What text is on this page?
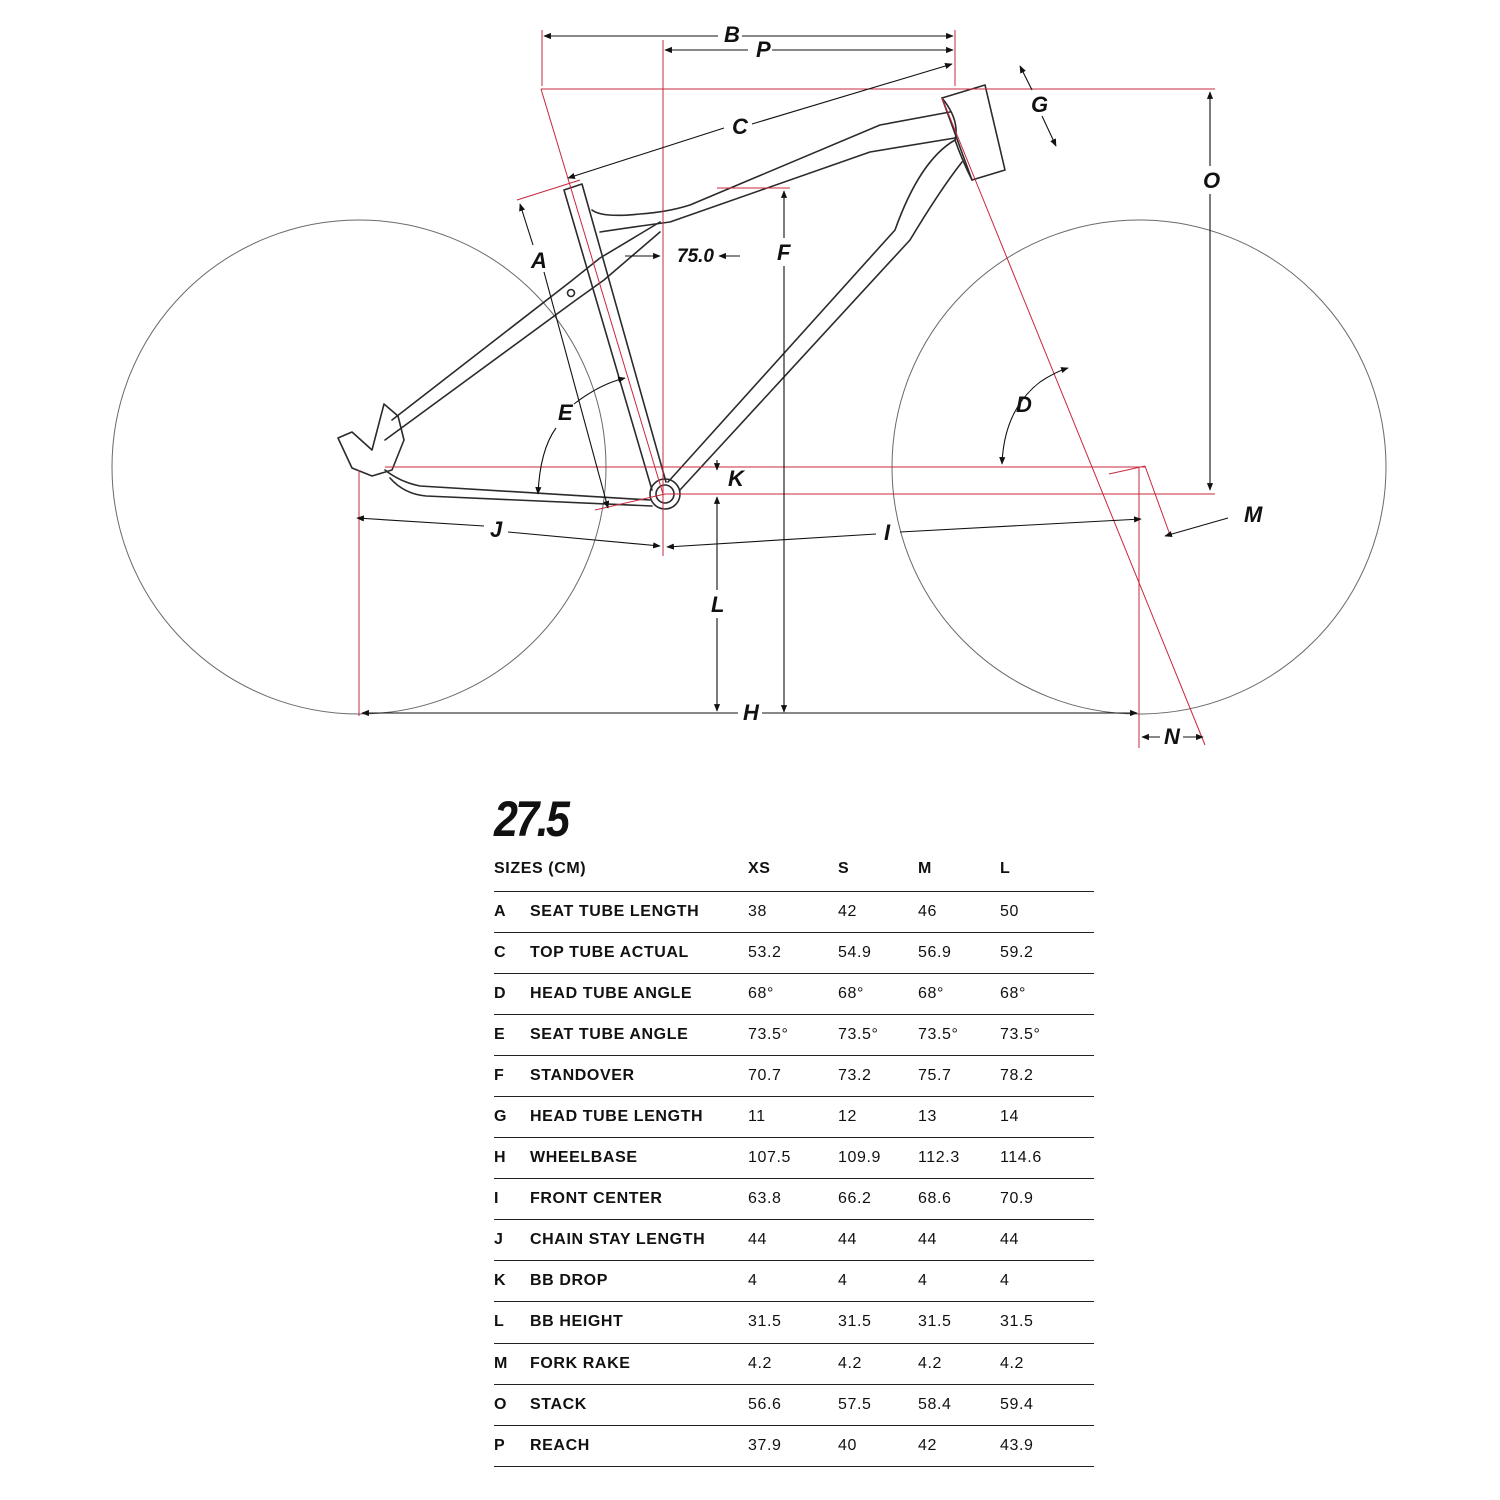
A
B
C
D
E
F
G
H
I
J
K
L
M
N
O
P
75.0
27.5
SIZES (CM)		XS	S	M	L
A	SEAT TUBE LENGTH	38	42	46	50
C	TOP TUBE ACTUAL	53.2	54.9	56.9	59.2
D	HEAD TUBE ANGLE	68°	68°	68°	68°
E	SEAT TUBE ANGLE	73.5°	73.5°	73.5°	73.5°
F	STANDOVER	70.7	73.2	75.7	78.2
G	HEAD TUBE LENGTH	11	12	13	14
H	WHEELBASE	107.5	109.9	112.3	114.6
I	FRONT CENTER	63.8	66.2	68.6	70.9
J	CHAIN STAY LENGTH	44	44	44	44
K	BB DROP	4	4	4	4
L	BB HEIGHT	31.5	31.5	31.5	31.5
M	FORK RAKE	4.2	4.2	4.2	4.2
O	STACK	56.6	57.5	58.4	59.4
P	REACH	37.9	40	42	43.9
